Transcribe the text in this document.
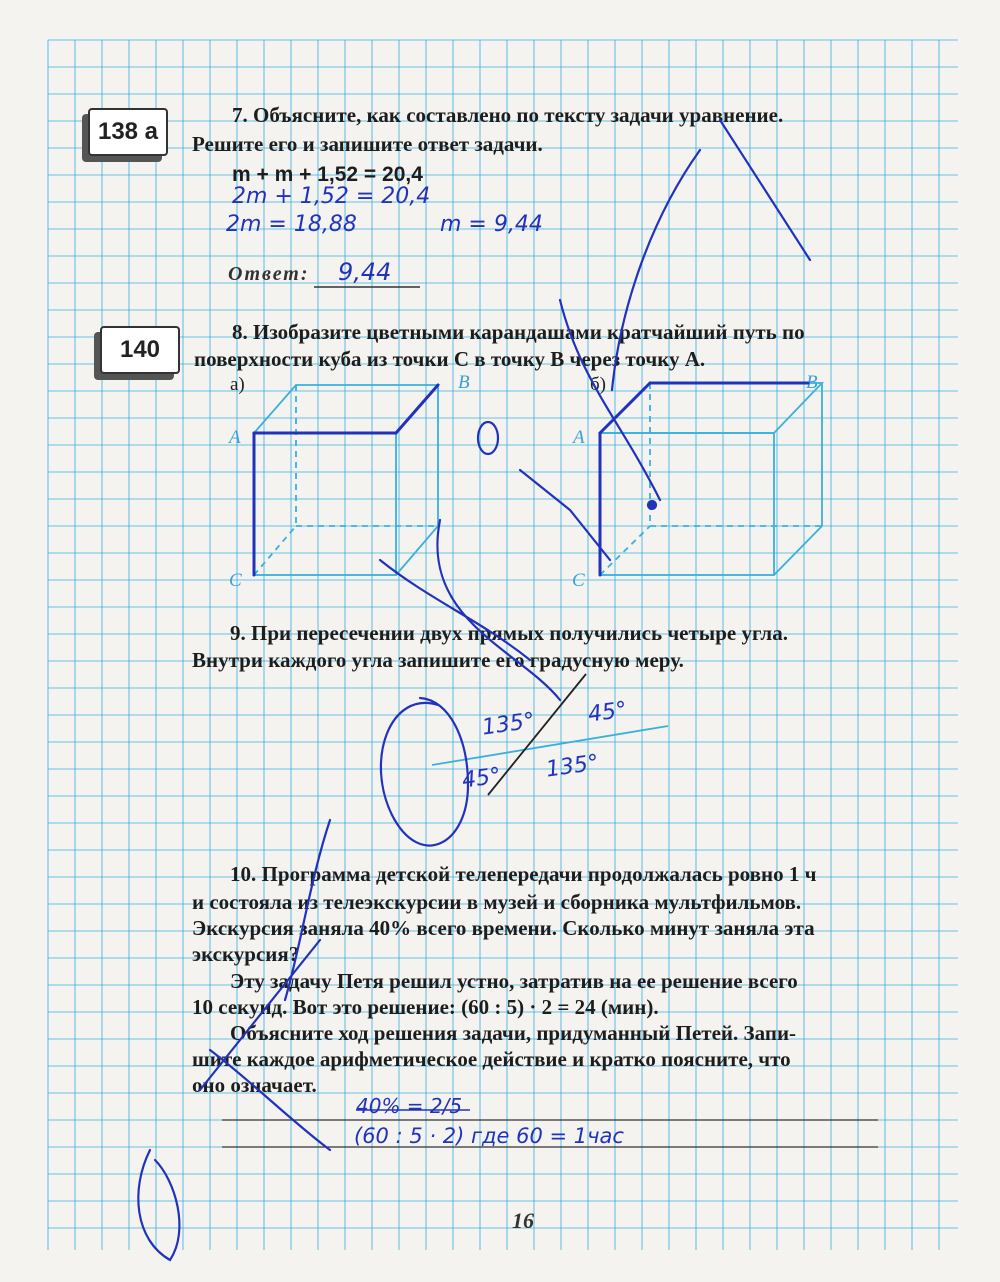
138 а
7. Объясните, как составлено по тексту задачи уравнение.
Решите его и запишите ответ задачи.
m + m + 1,52 = 20,4
2m + 1,52 = 20,4
2m = 18,88	m = 9,44
Ответ: 9,44
140
8. Изобразите цветными карандашами кратчайший путь по
поверхности куба из точки C в точку B через точку A.
а)	б)
A
B
C
A
B
C
9. При пересечении двух прямых получились четыре угла.
Внутри каждого угла запишите его градусную меру.
135° 45°
45° 135°
10. Программа детской телепередачи продолжалась ровно 1 ч
и состояла из телеэкскурсии в музей и сборника мультфильмов.
Экскурсия заняла 40% всего времени. Сколько минут заняла эта
экскурсия?
Эту задачу Петя решил устно, затратив на ее решение всего
10 секунд. Вот это решение: (60 : 5) · 2 = 24 (мин).
Объясните ход решения задачи, придуманный Петей. Запи-
шите каждое арифметическое действие и кратко поясните, что
оно означает.
40% = 2/5
(60 : 5 · 2) где 60 = 1час
16
